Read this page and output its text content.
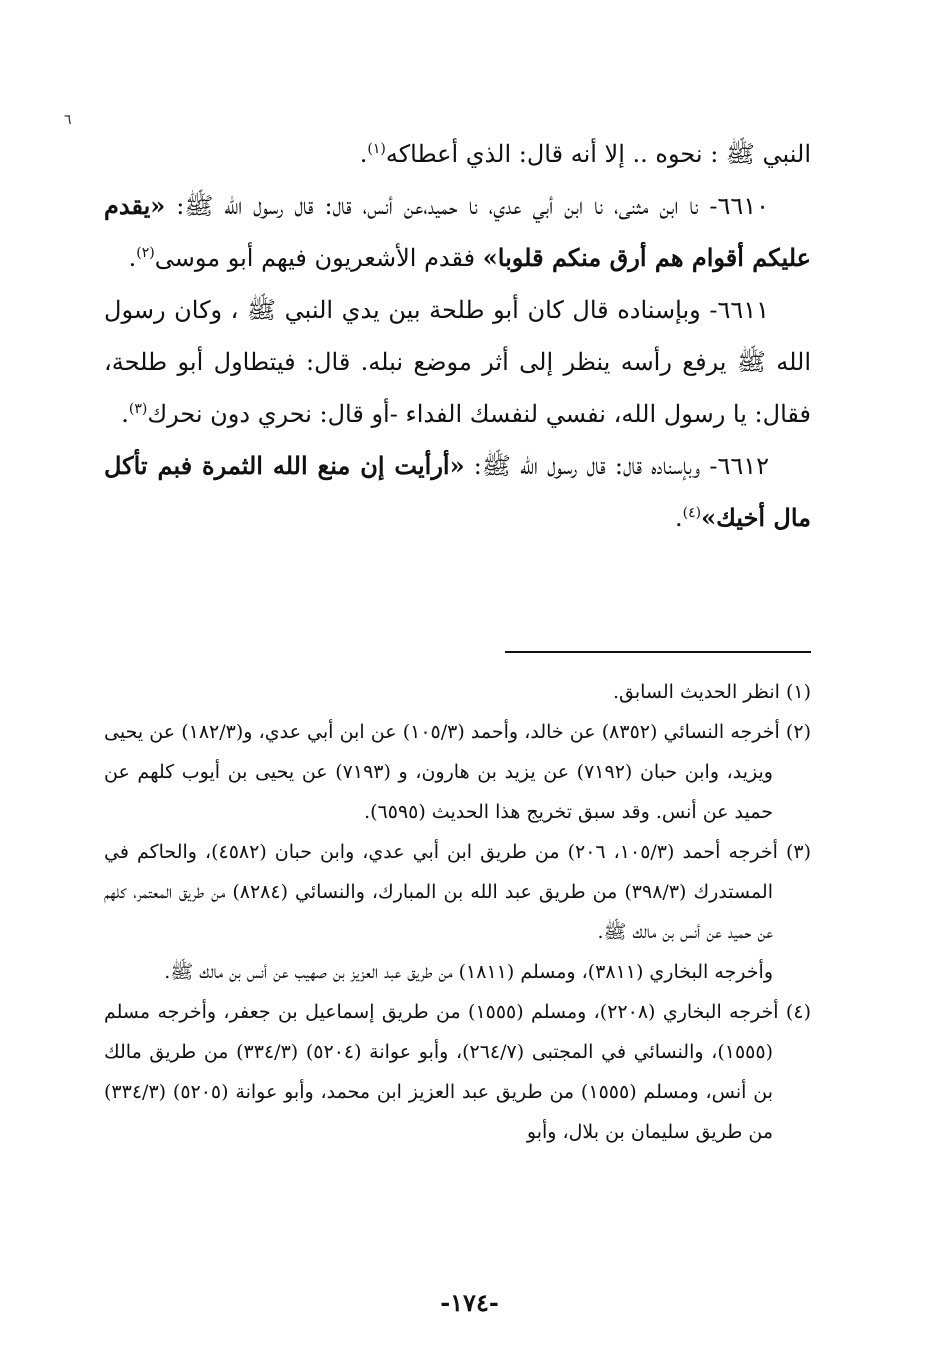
٦

النبي ﷺ : نحوه .. إلا أنه قال: الذي أعطاكه$^{(١)}$.

٦٦١٠- نا ابن مثنى، نا ابن أبي عدي، نا حميد،عن أنس، قال: قال رسول الله ﷺ: «يقدم عليكم أقوام هم أرق منكم قلوبا» فقدم الأشعريون فيهم أبو موسى$^{(٢)}$.

٦٦١١- وبإسناده قال كان أبو طلحة بين يدي النبي ﷺ ، وكان رسول الله ﷺ يرفع رأسه ينظر إلى أثر موضع نبله. قال: فيتطاول أبو طلحة، فقال: يا رسول الله، نفسي لنفسك الفداء -أو قال: نحري دون نحرك$^{(٣)}$.

٦٦١٢- وبإسناده قال: قال رسول الله ﷺ: «أرأيت إن منع الله الثمرة فبم تأكل مال أخيك»$^{(٤)}$.

(١) انظر الحديث السابق.

(٢) أخرجه النسائي (٨٣٥٢) عن خالد، وأحمد (١٠٥/٣) عن ابن أبي عدي، و(١٨٢/٣) عن يحيى ويزيد، وابن حبان (٧١٩٢) عن يزيد بن هارون، و (٧١٩٣) عن يحيى بن أيوب كلهم عن حميد عن أنس. وقد سبق تخريج هذا الحديث (٦٥٩٥).

(٣) أخرجه أحمد (١٠٥/٣، ٢٠٦) من طريق ابن أبي عدي، وابن حبان (٤٥٨٢)، والحاكم في المستدرك (٣٩٨/٣) من طريق عبد الله بن المبارك، والنسائي (٨٢٨٤) من طريق المعتمر، كلهم عن حميد عن أنس بن مالك ﷺ.

وأخرجه البخاري (٣٨١١)، ومسلم (١٨١١) من طريق عبد العزيز بن صهيب عن أنس بن مالك ﷺ.

(٤) أخرجه البخاري (٢٢٠٨)، ومسلم (١٥٥٥) من طريق إسماعيل بن جعفر، وأخرجه مسلم (١٥٥٥)، والنسائي في المجتبى (٢٦٤/٧)، وأبو عوانة (٥٢٠٤) (٣٣٤/٣) من طريق مالك بن أنس، ومسلم (١٥٥٥) من طريق عبد العزيز ابن محمد، وأبو عوانة (٥٢٠٥) (٣٣٤/٣) من طريق سليمان بن بلال، وأبو

-١٧٤-
